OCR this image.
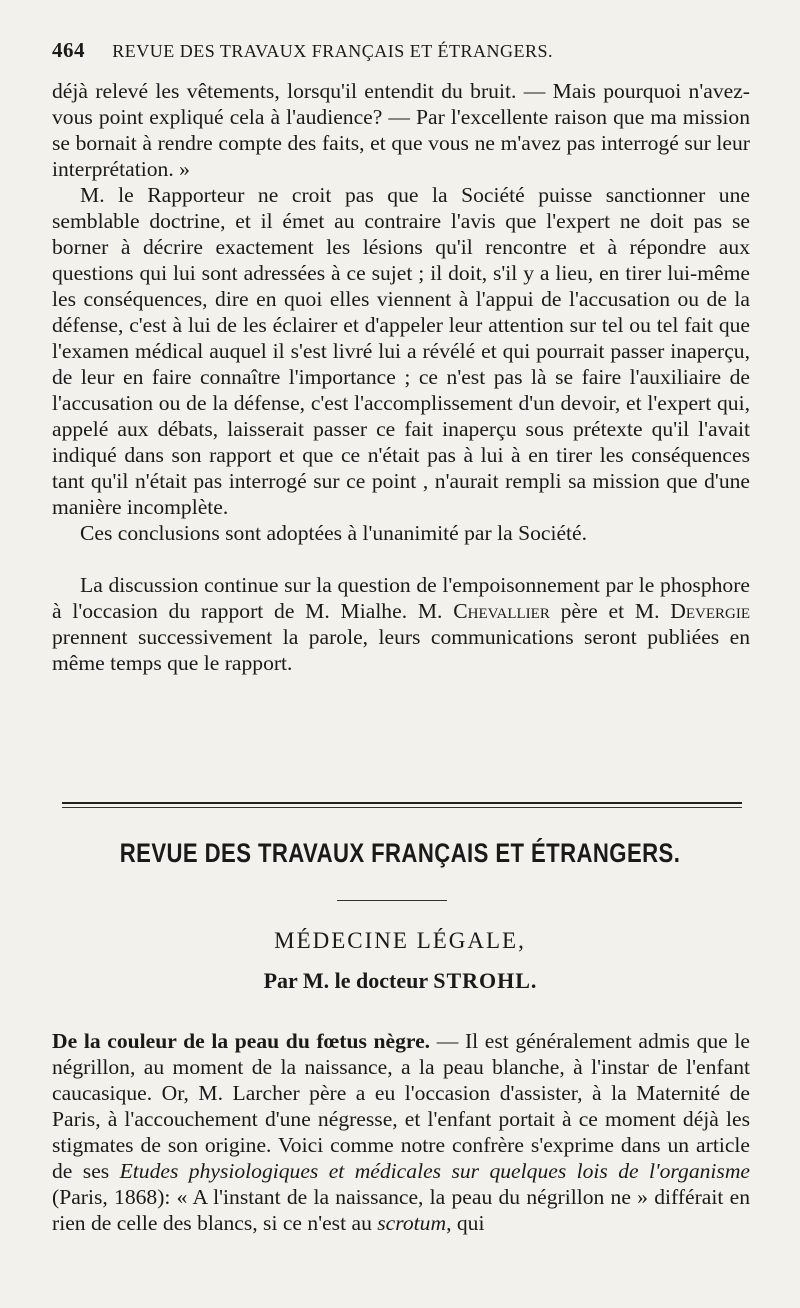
464 REVUE DES TRAVAUX FRANÇAIS ET ÉTRANGERS.

déjà relevé les vêtements, lorsqu'il entendit du bruit. — Mais pourquoi n'avez-vous point expliqué cela à l'audience? — Par l'excellente raison que ma mission se bornait à rendre compte des faits, et que vous ne m'avez pas interrogé sur leur interprétation. »

M. le Rapporteur ne croit pas que la Société puisse sanctionner une semblable doctrine, et il émet au contraire l'avis que l'expert ne doit pas se borner à décrire exactement les lésions qu'il rencontre et à répondre aux questions qui lui sont adressées à ce sujet ; il doit, s'il y a lieu, en tirer lui-même les conséquences, dire en quoi elles viennent à l'appui de l'accusation ou de la défense, c'est à lui de les éclairer et d'appeler leur attention sur tel ou tel fait que l'examen médical auquel il s'est livré lui a révélé et qui pourrait passer inaperçu, de leur en faire connaître l'importance ; ce n'est pas là se faire l'auxiliaire de l'accusation ou de la défense, c'est l'accomplissement d'un devoir, et l'expert qui, appelé aux débats, laisserait passer ce fait inaperçu sous prétexte qu'il l'avait indiqué dans son rapport et que ce n'était pas à lui à en tirer les conséquences tant qu'il n'était pas interrogé sur ce point , n'aurait rempli sa mission que d'une manière incomplète.

Ces conclusions sont adoptées à l'unanimité par la Société.

La discussion continue sur la question de l'empoisonnement par le phosphore à l'occasion du rapport de M. Mialhe. M. Chevallier père et M. Devergie prennent successivement la parole, leurs communications seront publiées en même temps que le rapport.

REVUE DES TRAVAUX FRANÇAIS ET ÉTRANGERS.
MÉDECINE LÉGALE,
Par M. le docteur STROHL.
De la couleur de la peau du fœtus nègre. — Il est généralement admis que le négrillon, au moment de la naissance, a la peau blanche, à l'instar de l'enfant caucasique. Or, M. Larcher père a eu l'occasion d'assister, à la Maternité de Paris, à l'accouchement d'une négresse, et l'enfant portait à ce moment déjà les stigmates de son origine. Voici comme notre confrère s'exprime dans un article de ses Etudes physiologiques et médicales sur quelques lois de l'organisme (Paris, 1868): « A l'instant de la naissance, la peau du négrillon ne » différait en rien de celle des blancs, si ce n'est au scrotum, qui
